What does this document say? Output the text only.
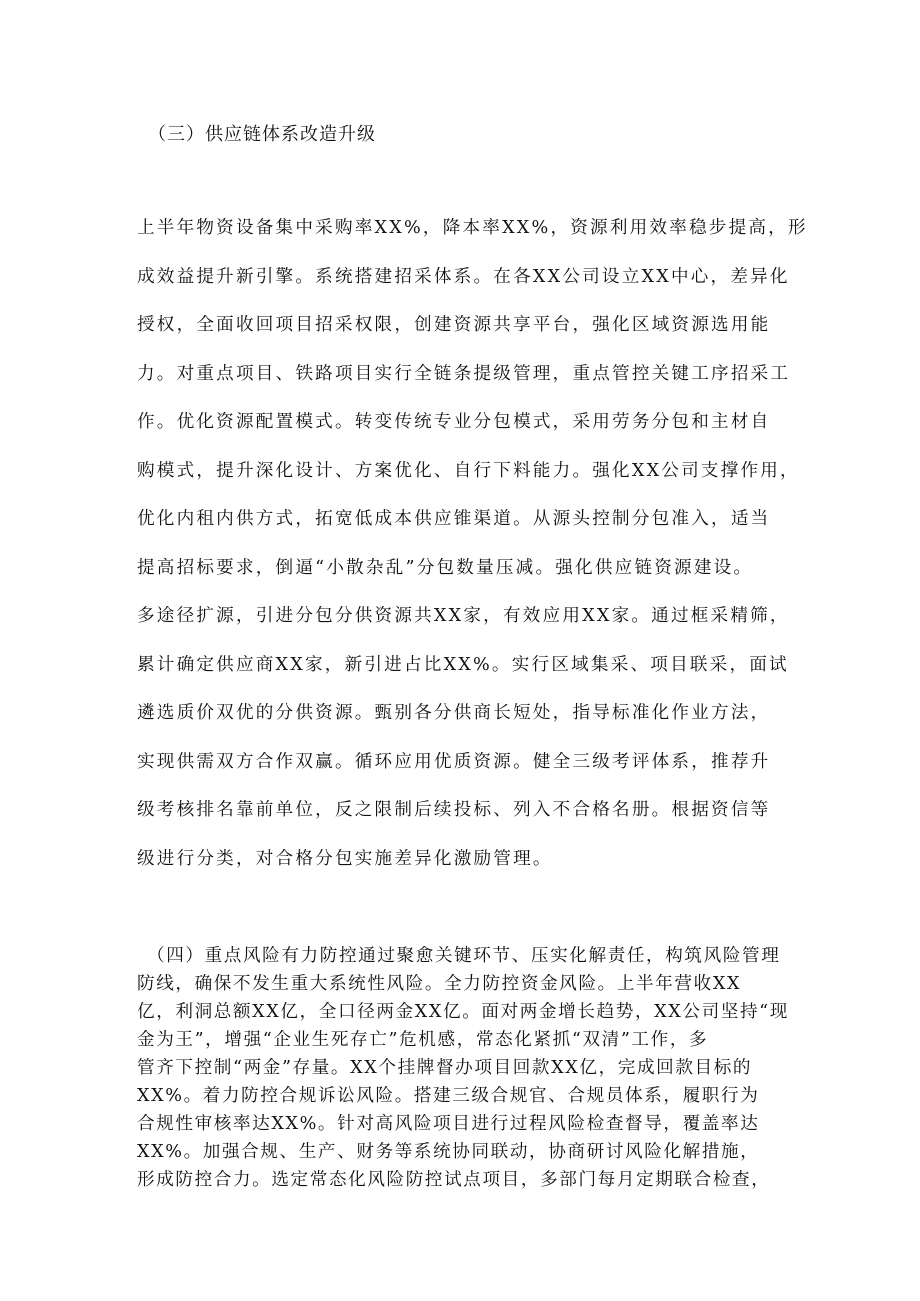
（三）供应链体系改造升级
上半年物资设备集中采购率XX%，降本率XX%，资源利用效率稳步提高，形
成效益提升新引擎。系统搭建招采体系。在各XX公司设立XX中心，差异化
授权，全面收回项目招采权限，创建资源共享平台，强化区域资源选用能
力。对重点项目、铁路项目实行全链条提级管理，重点管控关键工序招采工
作。优化资源配置模式。转变传统专业分包模式，采用劳务分包和主材自
购模式，提升深化设计、方案优化、自行下料能力。强化XX公司支撑作用，
优化内租内供方式，拓宽低成本供应锥渠道。从源头控制分包准入，适当
提高招标要求，倒逼“小散杂乱”分包数量压减。强化供应链资源建设。
多途径扩源，引进分包分供资源共XX家，有效应用XX家。通过框采精筛，
累计确定供应商XX家，新引进占比XX%。实行区域集采、项目联采，面试
遴选质价双优的分供资源。甄别各分供商长短处，指导标准化作业方法，
实现供需双方合作双赢。循环应用优质资源。健全三级考评体系，推荐升
级考核排名靠前单位，反之限制后续投标、列入不合格名册。根据资信等
级进行分类，对合格分包实施差异化激励管理。
（四）重点风险有力防控通过聚愈关键环节、压实化解责任，构筑风险管理
防线，确保不发生重大系统性风险。全力防控资金风险。上半年营收XX
亿，利洞总额XX亿，全口径两金XX亿。面对两金增长趋势，XX公司坚持“现
金为王”，增强“企业生死存亡”危机感，常态化紧抓“双清”工作，多
管齐下控制“两金”存量。XX个挂牌督办项目回款XX亿，完成回款目标的
XX%。着力防控合规诉讼风险。搭建三级合规官、合规员体系，履职行为
合规性审核率达XX%。针对高风险项目进行过程风险检查督导，覆盖率达
XX%。加强合规、生产、财务等系统协同联动，协商研讨风险化解措施，
形成防控合力。选定常态化风险防控试点项目，多部门每月定期联合检查，
